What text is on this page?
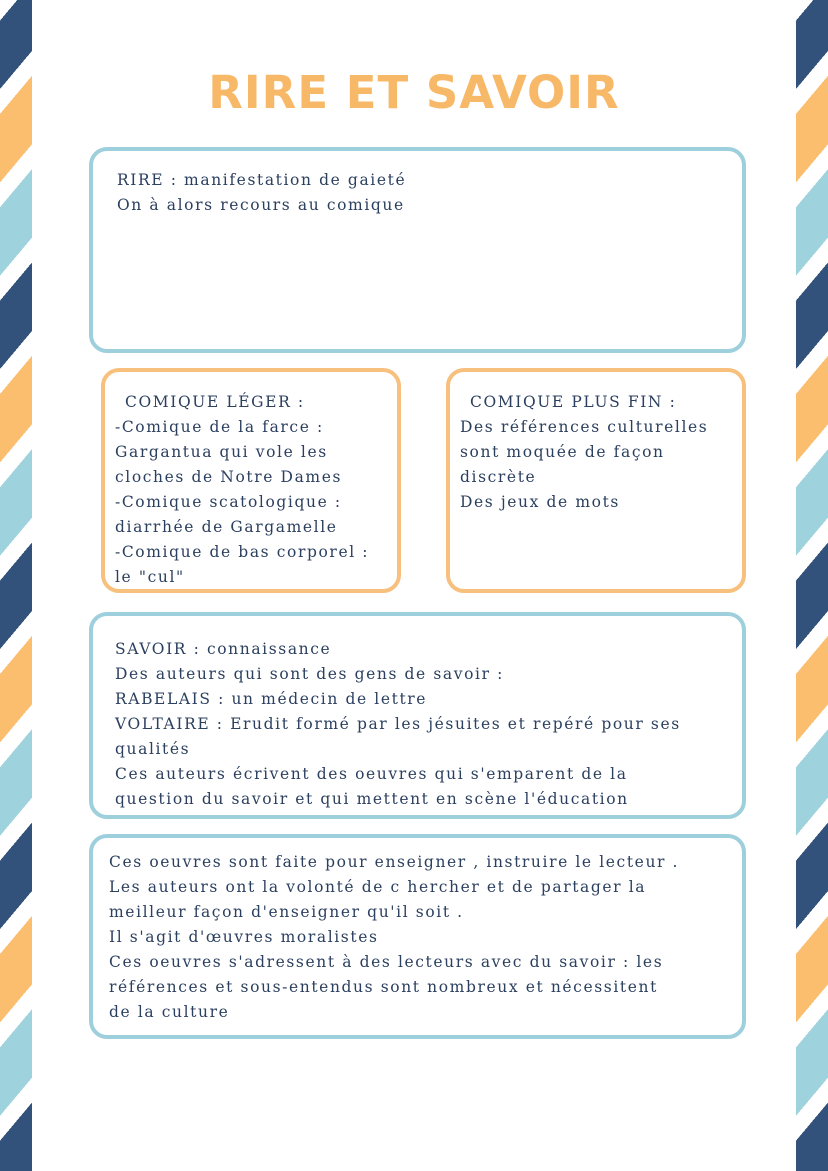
RIRE ET SAVOIR
RIRE : manifestation de gaieté
On à alors recours au comique
COMIQUE LÉGER :
-Comique de la farce :
Gargantua qui vole les
cloches de Notre Dames
-Comique scatologique :
diarrhée de Gargamelle
-Comique de bas corporel :
le "cul"
COMIQUE PLUS FIN :
Des références culturelles
sont moquée de façon
discrète
Des jeux de mots
SAVOIR : connaissance
Des auteurs qui sont des gens de savoir :
RABELAIS : un médecin de lettre
VOLTAIRE : Erudit formé par les jésuites et repéré pour ses
qualités
Ces auteurs écrivent des oeuvres qui s'emparent de la
question du savoir et qui mettent en scène l'éducation
Ces oeuvres sont faite pour enseigner , instruire le lecteur .
Les auteurs ont la volonté de c hercher et de partager la
meilleur façon d'enseigner qu'il soit .
Il s'agit d'œuvres moralistes
Ces oeuvres s'adressent à des lecteurs avec du savoir : les
références et sous-entendus sont nombreux et nécessitent
de la culture
